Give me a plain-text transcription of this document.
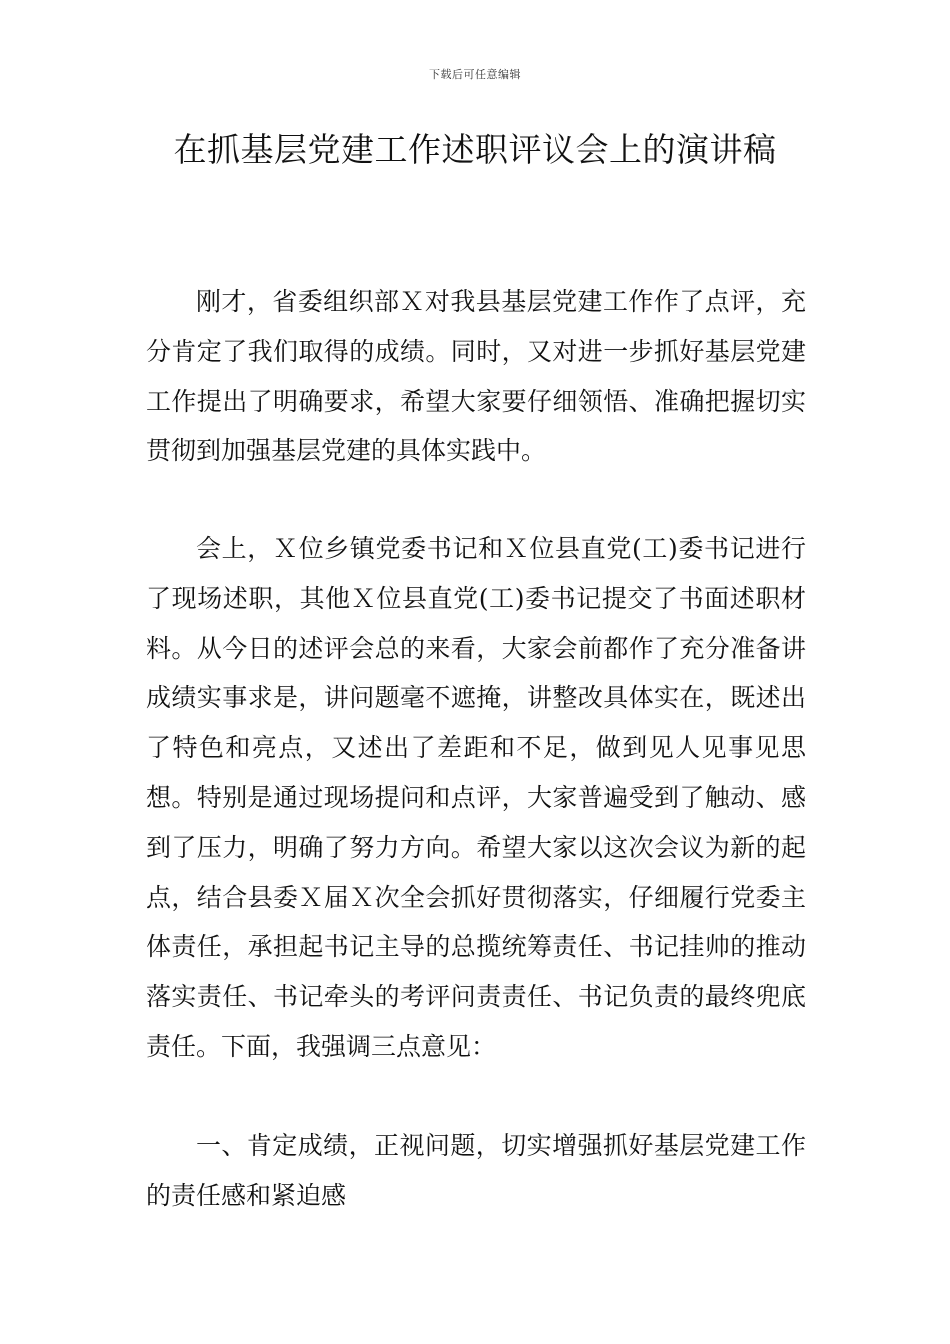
下载后可任意编辑
在抓基层党建工作述职评议会上的演讲稿

刚才，省委组织部Ｘ对我县基层党建工作作了点评，充分肯定了我们取得的成绩。同时，又对进一步抓好基层党建工作提出了明确要求，希望大家要仔细领悟、准确把握切实贯彻到加强基层党建的具体实践中。

会上，Ｘ位乡镇党委书记和Ｘ位县直党(工)委书记进行了现场述职，其他Ｘ位县直党(工)委书记提交了书面述职材料。从今日的述评会总的来看，大家会前都作了充分准备讲成绩实事求是，讲问题毫不遮掩，讲整改具体实在，既述出了特色和亮点，又述出了差距和不足，做到见人见事见思想。特别是通过现场提问和点评，大家普遍受到了触动、感到了压力，明确了努力方向。希望大家以这次会议为新的起点，结合县委Ｘ届Ｘ次全会抓好贯彻落实，仔细履行党委主体责任，承担起书记主导的总揽统筹责任、书记挂帅的推动落实责任、书记牵头的考评问责责任、书记负责的最终兜底责任。下面，我强调三点意见：

一、肯定成绩，正视问题，切实增强抓好基层党建工作的责任感和紧迫感
